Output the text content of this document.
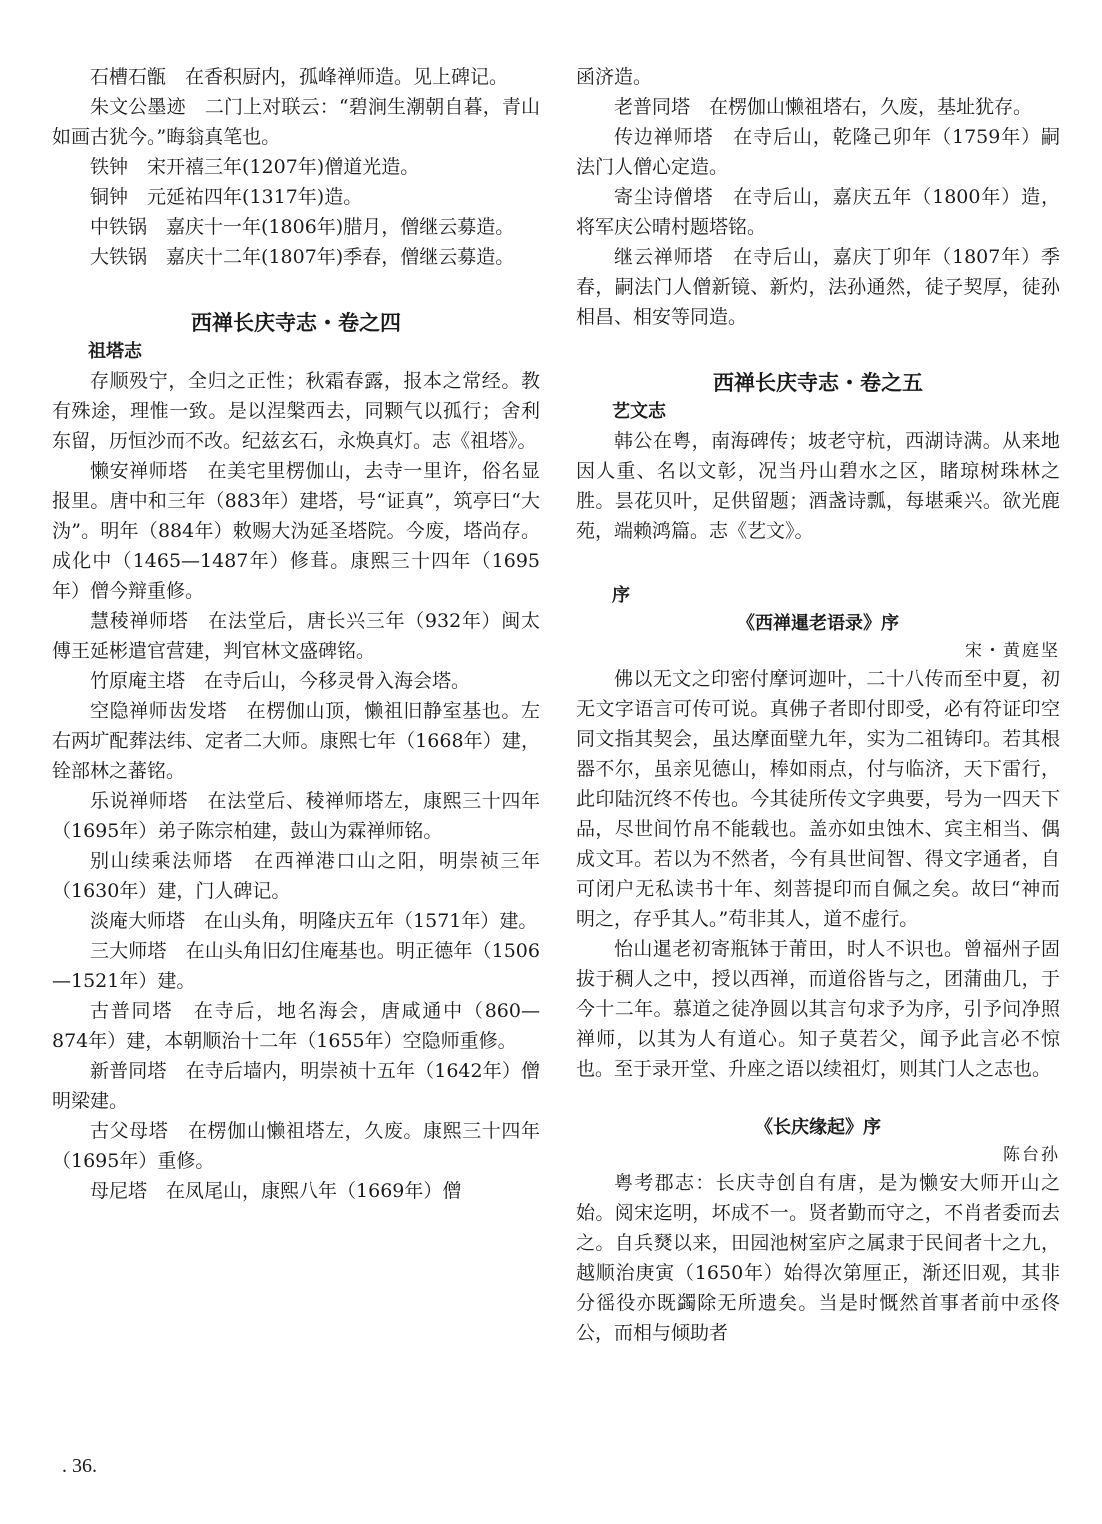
石槽石甑　 在香积厨内，孤峰禅师造。见上碑记。

朱文公墨迹　 二门上对联云：“碧涧生潮朝自暮，青山如画古犹今。”晦翁真笔也。

铁钟　 宋开禧三年(1207年)僧道光造。

铜钟　 元延祐四年(1317年)造。

中铁锅　 嘉庆十一年(1806年)腊月，僧继云募造。

大铁锅　 嘉庆十二年(1807年)季春，僧继云募造。

西禅长庆寺志・卷之四
祖塔志

存顺殁宁，全归之正性；秋霜春露，报本之常经。教有殊途，理惟一致。是以涅槃西去，同颗气以孤行；舍利东留，历恒沙而不改。纪兹玄石，永焕真灯。志《祖塔》。

懒安禅师塔　 在美宅里楞伽山，去寺一里许，俗名显报里。唐中和三年（883年）建塔，号“证真”，筑亭曰“大沩”。明年（884年）敕赐大沩延圣塔院。今废，塔尚存。成化中（1465—1487年）修葺。康熙三十四年（1695年）僧今辩重修。

慧稜禅师塔　 在法堂后，唐长兴三年（932年）闽太傅王延彬遣官营建，判官林文盛碑铭。

竹原庵主塔　 在寺后山，今移灵骨入海会塔。

空隐禅师齿发塔　 在楞伽山顶，懒祖旧静室基也。左右两圹配葬法纬、定者二大师。康熙七年（1668年）建，铨部林之蕃铭。

乐说禅师塔　 在法堂后、稜禅师塔左，康熙三十四年（1695年）弟子陈宗柏建，鼓山为霖禅师铭。

别山续乘法师塔　 在西禅港口山之阳，明崇祯三年（1630年）建，门人碑记。

淡庵大师塔　 在山头角，明隆庆五年（1571年）建。

三大师塔　 在山头角旧幻住庵基也。明正德年（1506—1521年）建。

古普同塔　 在寺后，地名海会，唐咸通中（860—874年）建，本朝顺治十二年（1655年）空隐师重修。

新普同塔　 在寺后墙内，明崇祯十五年（1642年）僧明梁建。

古父母塔　 在楞伽山懒祖塔左，久废。康熙三十四年（1695年）重修。

母尼塔　 在凤尾山，康熙八年（1669年）僧

函济造。

老普同塔　 在楞伽山懒祖塔右，久废，基址犹存。

传边禅师塔　 在寺后山，乾隆己卯年（1759年）嗣法门人僧心定造。

寄尘诗僧塔　 在寺后山，嘉庆五年（1800年）造，将军庆公晴村题塔铭。

继云禅师塔　 在寺后山，嘉庆丁卯年（1807年）季春，嗣法门人僧新镜、新灼，法孙通然，徒子契厚，徒孙相昌、相安等同造。

西禅长庆寺志・卷之五
艺文志

韩公在粤，南海碑传；坡老守杭，西湖诗满。从来地因人重、名以文彰，况当丹山碧水之区，睹琼树珠林之胜。昙花贝叶，足供留题；酒盏诗瓢，每堪乘兴。欲光鹿苑，端赖鸿篇。志《艺文》。

序
《西禅暹老语录》序
宋・黄庭坚

佛以无文之印密付摩诃迦叶，二十八传而至中夏，初无文字语言可传可说。真佛子者即付即受，必有符证印空同文指其契会，虽达摩面壁九年，实为二祖铸印。若其根器不尔，虽亲见德山，棒如雨点，付与临济，天下雷行，此印陆沉终不传也。今其徒所传文字典要，号为一四天下品，尽世间竹帛不能载也。盖亦如虫蚀木、宾主相当、偶成文耳。若以为不然者，今有具世间智、得文字通者，自可闭户无私读书十年、刻菩提印而自佩之矣。故曰“神而明之，存乎其人。”苟非其人，道不虚行。

怡山暹老初寄瓶钵于莆田，时人不识也。曾福州子固拔于稠人之中，授以西禅，而道俗皆与之，团蒲曲几，于今十二年。慕道之徒净圆以其言句求予为序，引予问净照禅师，以其为人有道心。知子莫若父，闻予此言必不惊也。至于录开堂、升座之语以续祖灯，则其门人之志也。

《长庆缘起》序
陈台孙

粤考郡志：长庆寺创自有唐，是为懒安大师开山之始。阅宋迄明，坏成不一。贤者勤而守之，不肖者委而去之。自兵燹以来，田园池树室庐之属隶于民间者十之九，越顺治庚寅（1650年）始得次第厘正，渐还旧观，其非分徭役亦既蠲除无所遗矣。当是时慨然首事者前中丞佟公，而相与倾助者

. 36.
